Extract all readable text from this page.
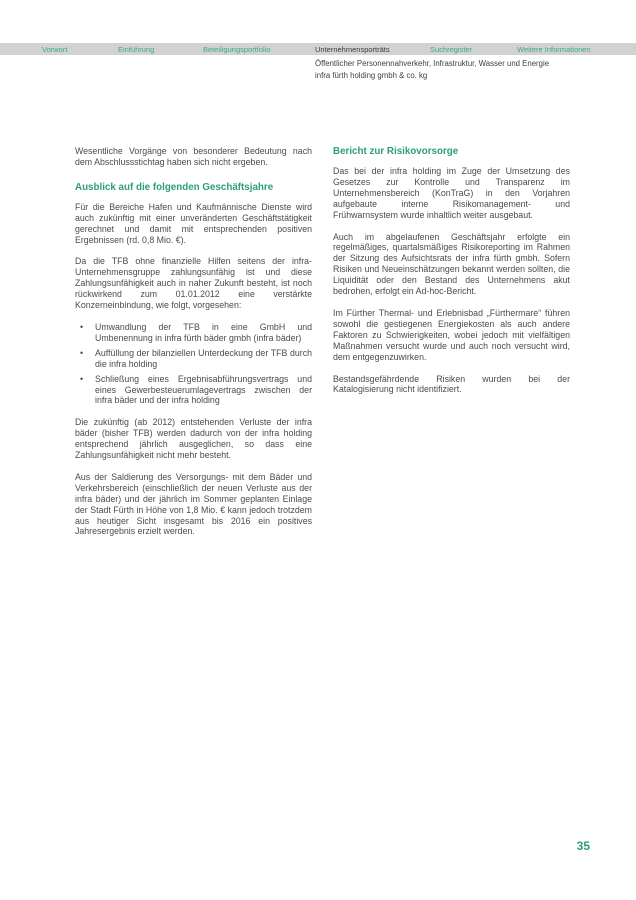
Vorwort	Einführung	Beteiligungsportfolio	Unternehmensporträts	Suchregister	Weitere Informationen
Öffentlicher Personennahverkehr, Infrastruktur, Wasser und Energie
infra fürth holding gmbh & co. kg

Wesentliche Vorgänge von besonderer Bedeutung nach dem Abschlussstichtag haben sich nicht ergeben.

Ausblick auf die folgenden Geschäftsjahre

Für die Bereiche Hafen und Kaufmännische Dienste wird auch zukünftig mit einer unveränderten Geschäftstätigkeit gerechnet und damit mit entsprechenden positiven Ergebnissen (rd. 0,8 Mio. €).

Da die TFB ohne finanzielle Hilfen seitens der infra-Unternehmensgruppe zahlungsunfähig ist und diese Zahlungsunfähigkeit auch in naher Zukunft besteht, ist noch rückwirkend zum 01.01.2012 eine verstärkte Konzerneinbindung, wie folgt, vorgesehen:

• Umwandlung der TFB in eine GmbH und Umbenennung in infra fürth bäder gmbh (infra bäder)
• Auffüllung der bilanziellen Unterdeckung der TFB durch die infra holding
• Schließung eines Ergebnisabführungsvertrags und eines Gewerbesteuerumlagevertrags zwischen der infra bäder und der infra holding

Die zukünftig (ab 2012) entstehenden Verluste der infra bäder (bisher TFB) werden dadurch von der infra holding entsprechend jährlich ausgeglichen, so dass eine Zahlungsunfähigkeit nicht mehr besteht.

Aus der Saldierung des Versorgungs- mit dem Bäder und Verkehrsbereich (einschließlich der neuen Verluste aus der infra bäder) und der jährlich im Sommer geplanten Einlage der Stadt Fürth in Höhe von 1,8 Mio. € kann jedoch trotzdem aus heutiger Sicht insgesamt bis 2016 ein positives Jahresergebnis erzielt werden.

Bericht zur Risikovorsorge

Das bei der infra holding im Zuge der Umsetzung des Gesetzes zur Kontrolle und Transparenz im Unternehmensbereich (KonTraG) in den Vorjahren aufgebaute interne Risikomanagement- und Frühwarnsystem wurde inhaltlich weiter ausgebaut.

Auch im abgelaufenen Geschäftsjahr erfolgte ein regelmäßiges, quartalsmäßiges Risikoreporting im Rahmen der Sitzung des Aufsichtsrats der infra fürth gmbh. Sofern Risiken und Neueinschätzungen bekannt werden sollten, die Liquidität oder den Bestand des Unternehmens akut bedrohen, erfolgt ein Ad-hoc-Bericht.

Im Fürther Thermal- und Erlebnisbad „Fürthermare“ führen sowohl die gestiegenen Energiekosten als auch andere Faktoren zu Schwierigkeiten, wobei jedoch mit vielfältigen Maßnahmen versucht wurde und auch noch versucht wird, dem entgegenzuwirken.

Bestandsgefährdende Risiken wurden bei der Katalogisierung nicht identifiziert.

35
